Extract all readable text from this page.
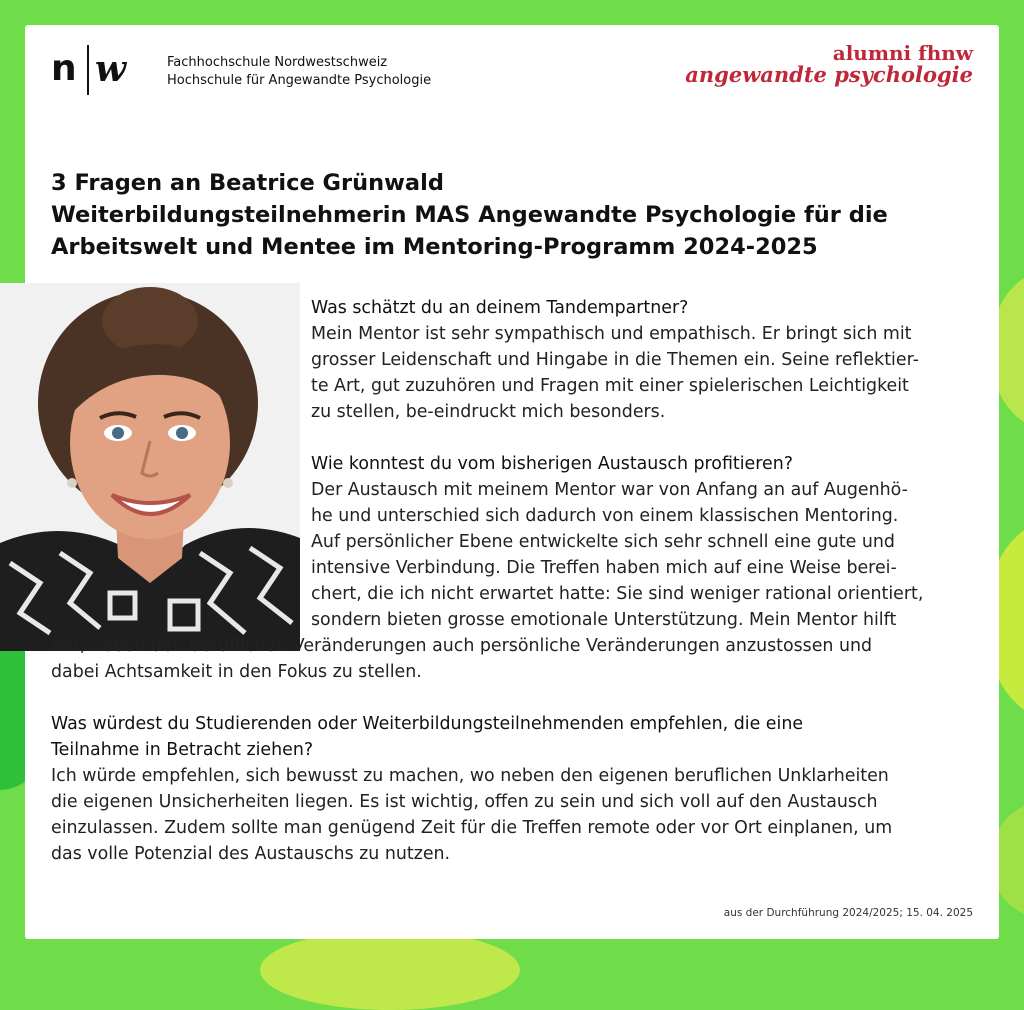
n w	Fachhochschule Nordwestschweiz
Hochschule für Angewandte Psychologie
alumni fhnw
angewandte psychologie
3 Fragen an Beatrice Grünwald
Weiterbildungsteilnehmerin MAS Angewandte Psychologie für die
Arbeitswelt und Mentee im Mentoring-Programm 2024-2025

Was schätzt du an deinem Tandempartner?

Mein Mentor ist sehr sympathisch und empathisch. Er bringt sich mit

grosser Leidenschaft und Hingabe in die Themen ein. Seine reflektier-

te Art, gut zuzuhören und Fragen mit einer spielerischen Leichtigkeit

zu stellen, be-eindruckt mich besonders.

Wie konntest du vom bisherigen Austausch profitieren?

Der Austausch mit meinem Mentor war von Anfang an auf Augenhö-

he und unterschied sich dadurch von einem klassischen Mentoring.

Auf persönlicher Ebene entwickelte sich sehr schnell eine gute und

intensive Verbindung. Die Treffen haben mich auf eine Weise berei-

chert, die ich nicht erwartet hatte: Sie sind weniger rational orientiert,

sondern bieten grosse emotionale Unterstützung. Mein Mentor hilft

mir, neben den beruflichen Veränderungen auch persönliche Veränderungen anzustossen und

dabei Achtsamkeit in den Fokus zu stellen.

Was würdest du Studierenden oder Weiterbildungsteilnehmenden empfehlen, die eine

Teilnahme in Betracht ziehen?

Ich würde empfehlen, sich bewusst zu machen, wo neben den eigenen beruflichen Unklarheiten

die eigenen Unsicherheiten liegen. Es ist wichtig, offen zu sein und sich voll auf den Austausch

einzulassen. Zudem sollte man genügend Zeit für die Treffen remote oder vor Ort einplanen, um

das volle Potenzial des Austauschs zu nutzen.

aus der Durchführung 2024/2025; 15. 04. 2025
